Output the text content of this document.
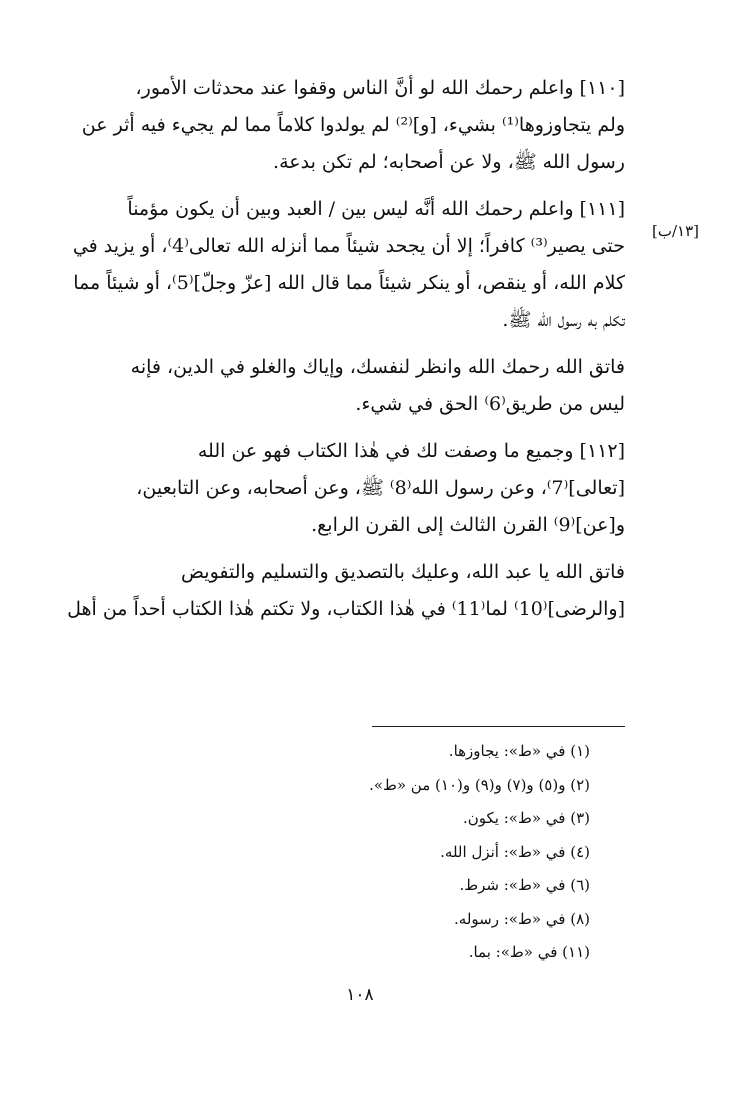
[١٣/ب]

[١١٠] واعلم رحمك الله لو أنَّ الناس وقفوا عند محدثات الأمور،
ولم يتجاوزوها⁽¹⁾ بشيء، [و]⁽²⁾ لم يولدوا كلاماً مما لم يجيء فيه أثر عن
رسول الله ﷺ، ولا عن أصحابه؛ لم تكن بدعة.

[١١١] واعلم رحمك الله أنَّه ليس بين / العبد وبين أن يكون مؤمناً
حتى يصير⁽³⁾ كافراً؛ إلا أن يجحد شيئاً مما أنزله الله تعالى⁽4⁾، أو يزيد في
كلام الله، أو ينقص، أو ينكر شيئاً مما قال الله [عزّ وجلّ]⁽5⁾، أو شيئاً مما
تكلم به رسول الله ﷺ.

فاتق الله رحمك الله وانظر لنفسك، وإياك والغلو في الدين، فإنه
ليس من طريق⁽6⁾ الحق في شيء.

[١١٢] وجميع ما وصفت لك في هٰذا الكتاب فهو عن الله
[تعالى]⁽7⁾، وعن رسول الله⁽8⁾ ﷺ، وعن أصحابه، وعن التابعين،
و[عن]⁽9⁾ القرن الثالث إلى القرن الرابع.

فاتق الله يا عبد الله، وعليك بالتصديق والتسليم والتفويض
[والرضى]⁽10⁾ لما⁽11⁾ في هٰذا الكتاب، ولا تكتم هٰذا الكتاب أحداً من أهل

(١) في «ط»: يجاوزها.
(٢) و(٥) و(٧) و(٩) و(١٠) من «ط».
(٣) في «ط»: يكون.
(٤) في «ط»: أنزل الله.
(٦) في «ط»: شرط.
(٨) في «ط»: رسوله.
(١١) في «ط»: بما.
١٠٨
